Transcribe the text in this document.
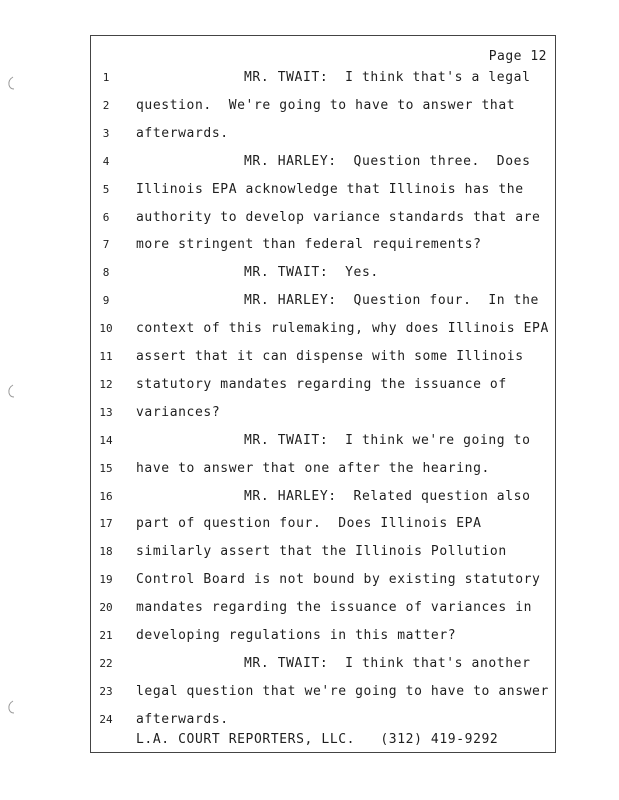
Page 12
1	MR. TWAIT:  I think that's a legal
2	question.  We're going to have to answer that
3	afterwards.
4	MR. HARLEY:  Question three.  Does
5	Illinois EPA acknowledge that Illinois has the
6	authority to develop variance standards that are
7	more stringent than federal requirements?
8	MR. TWAIT:  Yes.
9	MR. HARLEY:  Question four.  In the
10 context of this rulemaking, why does Illinois EPA
11 assert that it can dispense with some Illinois
12 statutory mandates regarding the issuance of
13 variances?
14	MR. TWAIT:  I think we're going to
15 have to answer that one after the hearing.
16	MR. HARLEY:  Related question also
17 part of question four.  Does Illinois EPA
18 similarly assert that the Illinois Pollution
19 Control Board is not bound by existing statutory
20 mandates regarding the issuance of variances in
21 developing regulations in this matter?
22	MR. TWAIT:  I think that's another
23 legal question that we're going to have to answer
24 afterwards.
L.A. COURT REPORTERS, LLC.   (312) 419-9292
